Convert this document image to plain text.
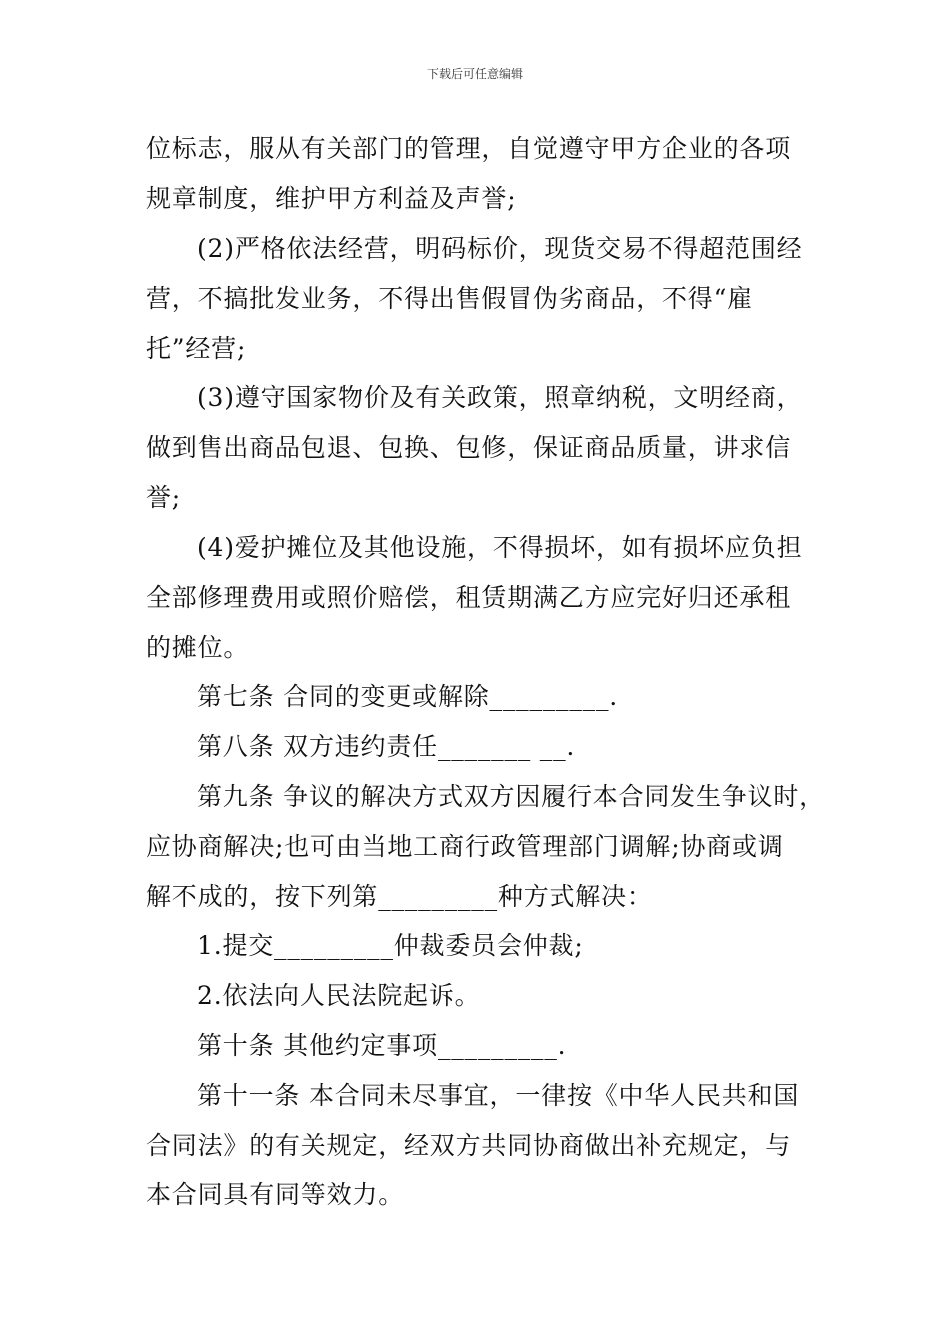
下载后可任意编辑
位标志，服从有关部门的管理，自觉遵守甲方企业的各项
规章制度，维护甲方利益及声誉;
(2)严格依法经营，明码标价，现货交易不得超范围经
营，不搞批发业务，不得出售假冒伪劣商品，不得“雇
托”经营;
(3)遵守国家物价及有关政策，照章纳税，文明经商，
做到售出商品包退、包换、包修，保证商品质量，讲求信
誉;
(4)爱护摊位及其他设施，不得损坏，如有损坏应负担
全部修理费用或照价赔偿，租赁期满乙方应完好归还承租
的摊位。
第七条 合同的变更或解除_________.
第八条 双方违约责任_______ __.
第九条 争议的解决方式双方因履行本合同发生争议时，
应协商解决;也可由当地工商行政管理部门调解;协商或调
解不成的，按下列第_________种方式解决：
1.提交_________仲裁委员会仲裁;
2.依法向人民法院起诉。
第十条 其他约定事项_________.
第十一条 本合同未尽事宜，一律按《中华人民共和国
合同法》的有关规定，经双方共同协商做出补充规定，与
本合同具有同等效力。
